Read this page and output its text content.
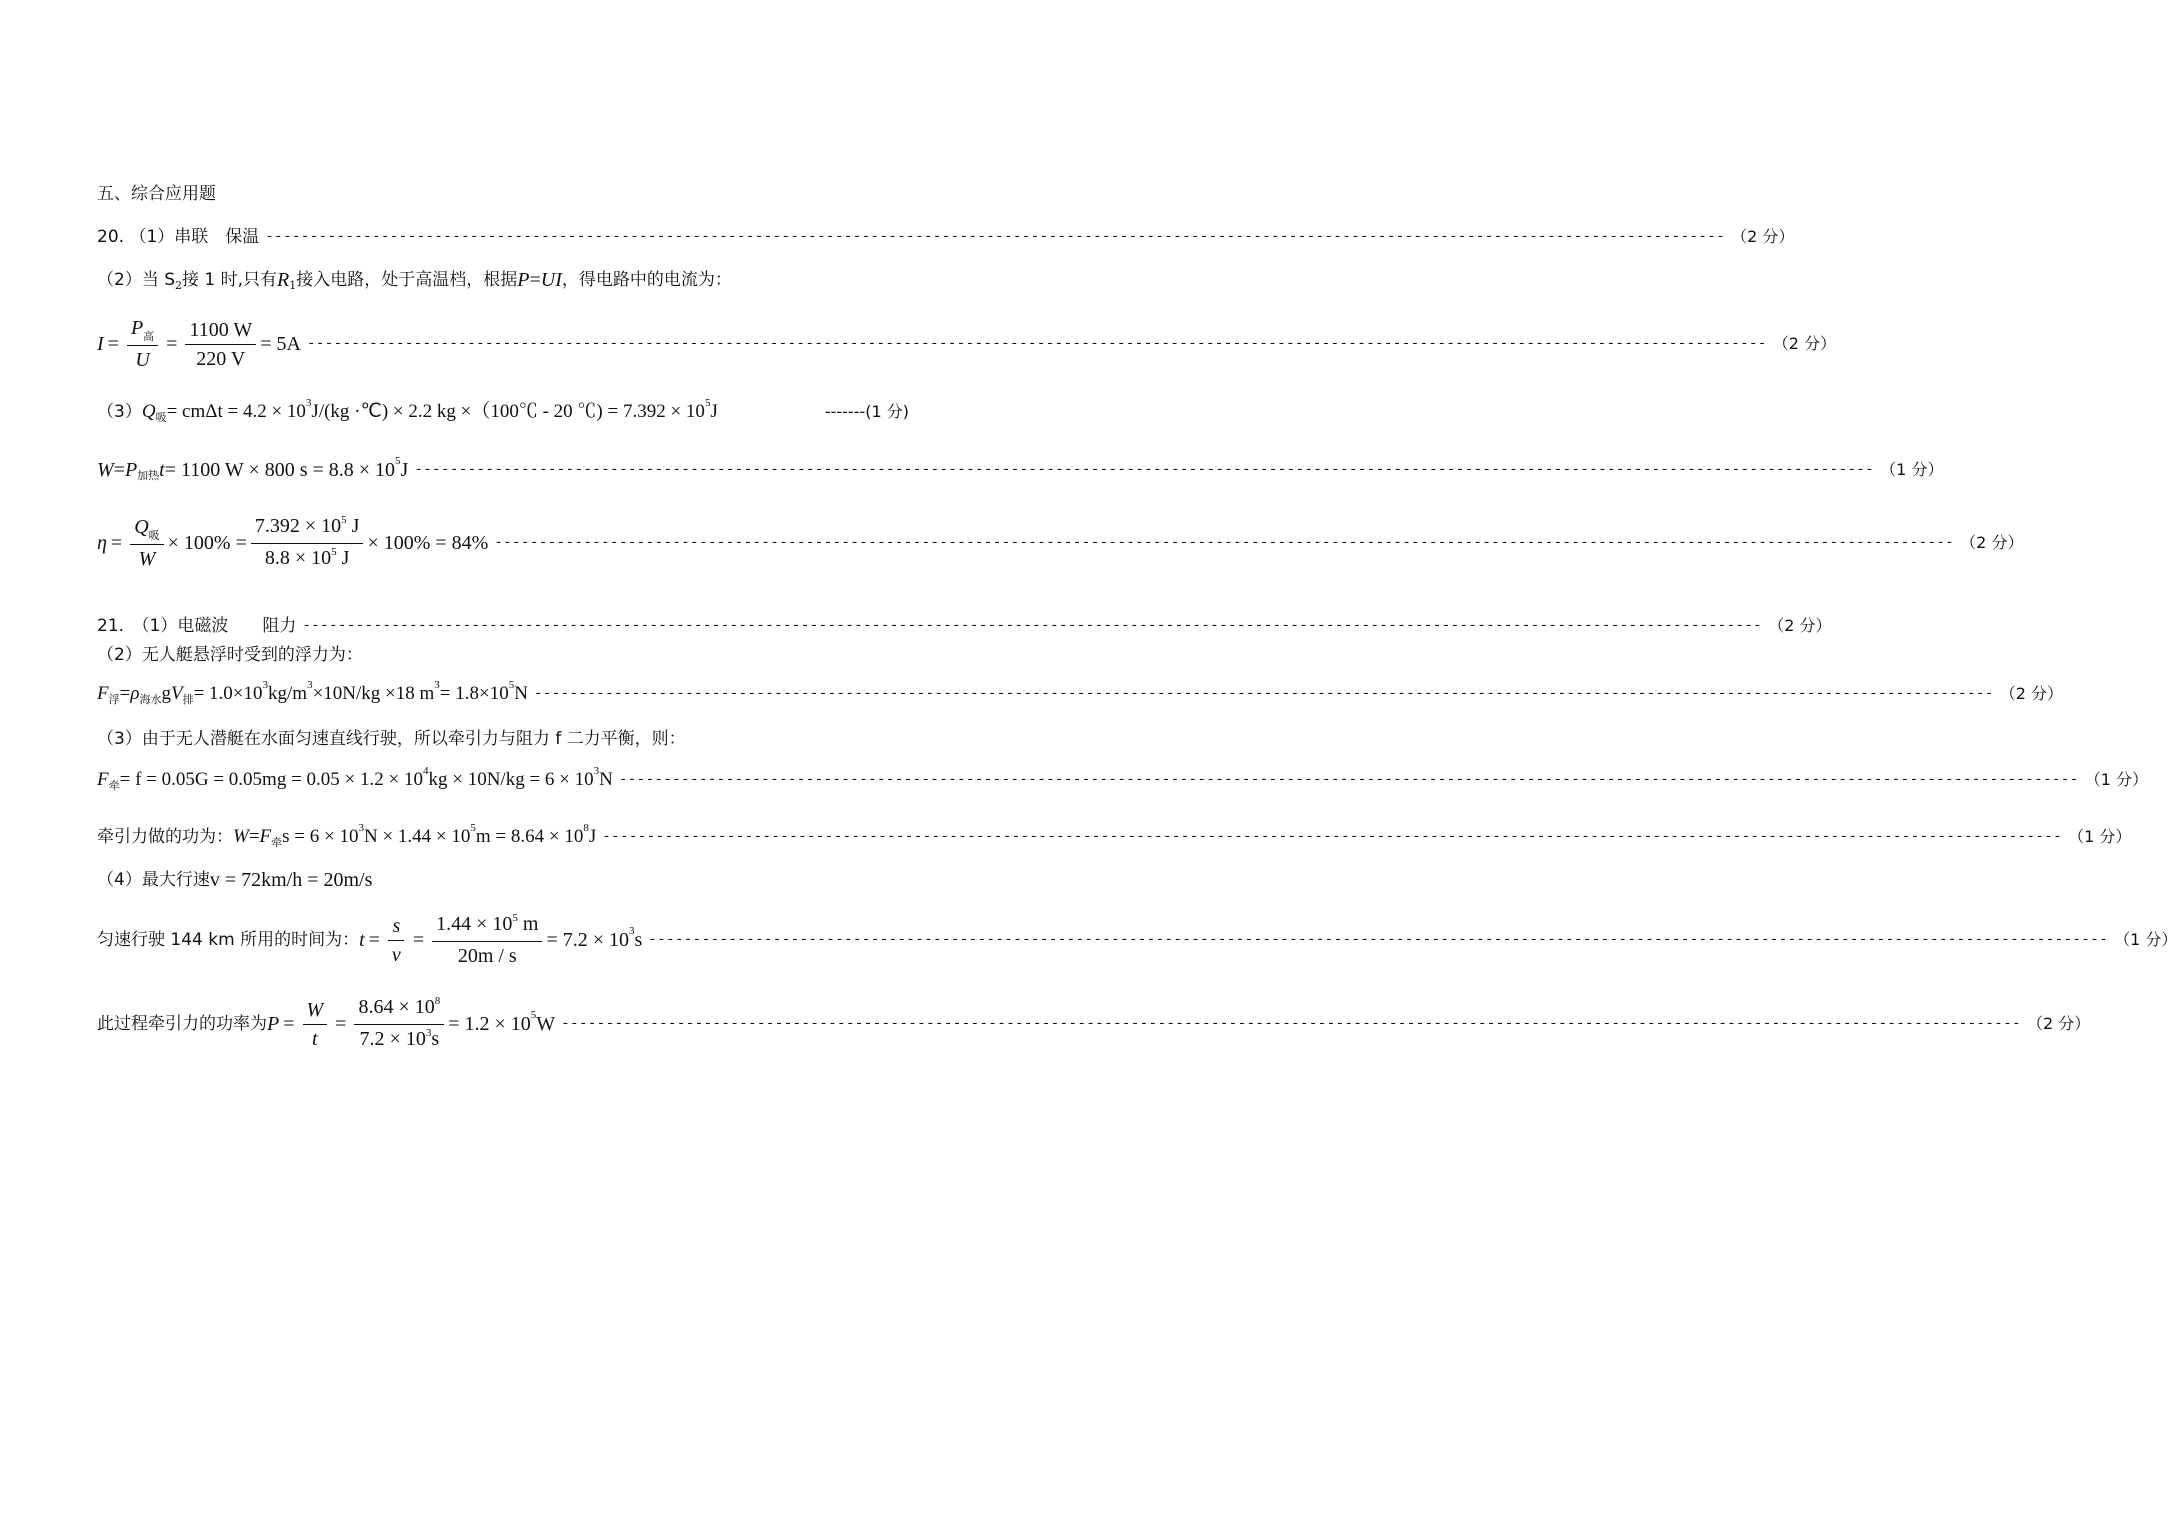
五、综合应用题
20. （1）串联　保温 -------------------------------------------------------------------------------------------------------------------------------------------------------------------- （2 分）
（2）当 S 2 接 1 时,只有 R 1 接入电路，处于高温档，根据 P = UI ，得电路中的电流为：
$I = \frac{P_高}{U} = \frac{1100 W}{220 V} = 5A$ -------------------------------------------------------------------------------------------------------------------------------------------------------------------- （2 分）
（3） Q 吸 = cmΔt = 4.2 × 10 3 J/(kg ·℃) × 2.2 kg ×（100℃ - 20 ℃) = 7.392 × 10 5 J	-------(1 分)
W = P 加热 t = 1100 W × 800 s = 8.8 × 10 5 J -------------------------------------------------------------------------------------------------------------------------------------------------------------------- （1 分）
$\eta = \frac{Q_吸}{W} \times 100\% = \frac{7.392 \times 10^5 J}{8.8 \times 10^5 J} \times 100\% = 84\%$ -------------------------------------------------------------------------------------------------------------------------------------------------------------------- （2 分）
21.　（1）电磁波　　阻力 -------------------------------------------------------------------------------------------------------------------------------------------------------------------- （2 分）
（2）无人艇悬浮时受到的浮力为：
F 浮 = ρ 海水 g V 排 = 1.0×10 3 kg/m 3 ×10N/kg ×18 m 3 = 1.8×10 5 N -------------------------------------------------------------------------------------------------------------------------------------------------------------------- （2 分）
（3）由于无人潜艇在水面匀速直线行驶，所以牵引力与阻力 f 二力平衡，则：
F 牵 = f = 0.05G = 0.05mg = 0.05 × 1.2 × 10 4 kg × 10N/kg = 6 × 10 3 N -------------------------------------------------------------------------------------------------------------------------------------------------------------------- （1 分）
牵引力做的功为： W = F 牵 s = 6 × 10 3 N × 1.44 × 10 5 m = 8.64 × 10 8 J -------------------------------------------------------------------------------------------------------------------------------------------------------------------- （1 分）
（4）最大行速 v = 72km/h = 20m/s
匀速行驶 144 km 所用的时间为： $t = \frac{s}{v} = \frac{1.44 \times 10^5 m}{20m / s} = 7.2 \times 10$ 3 s -------------------------------------------------------------------------------------------------------------------------------------------------------------------- （1 分）
此过程牵引力的功率为 $P = \frac{W}{t} = \frac{8.64 \times 10^8}{7.2 \times 10^3s} = 1.2 \times 10$ 5 W -------------------------------------------------------------------------------------------------------------------------------------------------------------------- （2 分）
